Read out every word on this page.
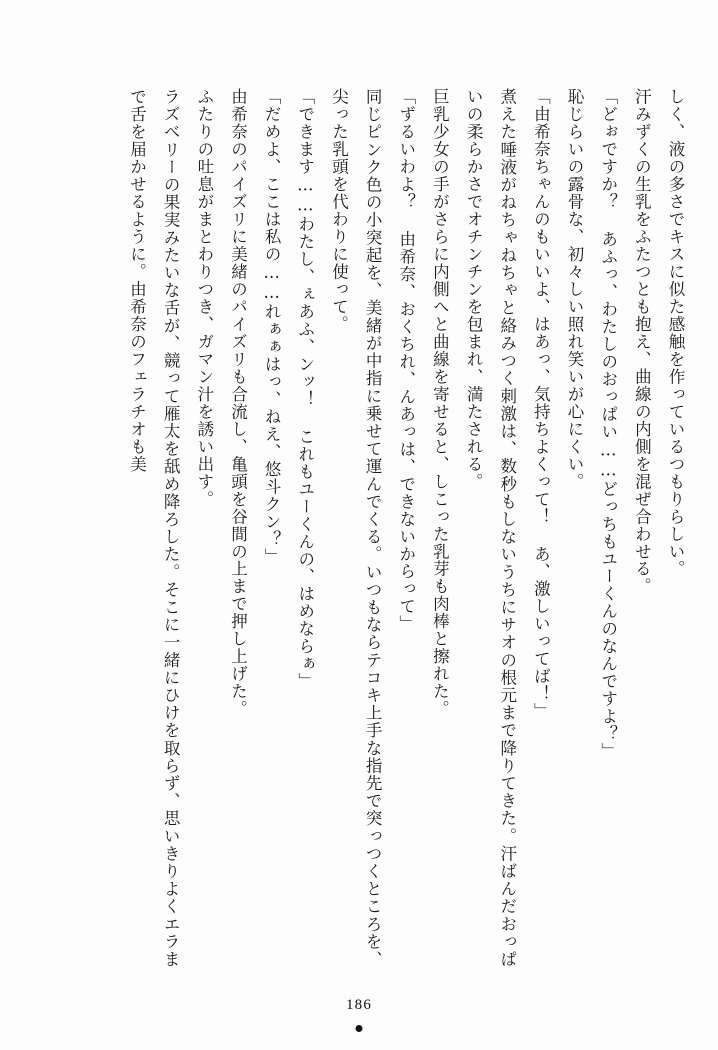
しく、液の多さでキスに似た感触を作っているつもりらしい。

汗みずくの生乳をふたつとも抱え、曲線の内側を混ぜ合わせる。

「どぉですか？ あふっ、わたしのおっぱい……どっちもユーくんのなんですよ？」

恥じらいの露骨な、初々しい照れ笑いが心にくい。

「由希奈ちゃんのもいいよ、はあっ、気持ちよくって！ あ、激しいってば！」

煮えた唾液がねちゃねちゃと絡みつく刺激は、数秒もしないうちにサオの根元まで降りてきた。汗ばんだおっぱいの柔らかさでオチンチンを包まれ、満たされる。

巨乳少女の手がさらに内側へと曲線を寄せると、しこった乳芽も肉棒と擦れた。

「ずるいわよ？ 由希奈、おくちれ、んあっは、できないからって」

同じピンク色の小突起を、美緒が中指に乗せて運んでくる。いつもならテコキ上手な指先で突っつくところを、尖った乳頭を代わりに使って。

「できます……わたし、ぇあふ、ンッ！ これもユーくんの、はめならぁ」

「だめよ、ここは私の……れぁぁはっ、ねえ、悠斗クン？」

由希奈のパイズリに美緒のパイズリも合流し、亀頭を谷間の上まで押し上げた。

ふたりの吐息がまとわりつき、ガマン汁を誘い出す。

ラズベリーの果実みたいな舌が、競って雁太を舐め降ろした。そこに一緒にひけを取らず、思いきりよくエラまで舌を届かせるように。由希奈のフェラチオも美

186
